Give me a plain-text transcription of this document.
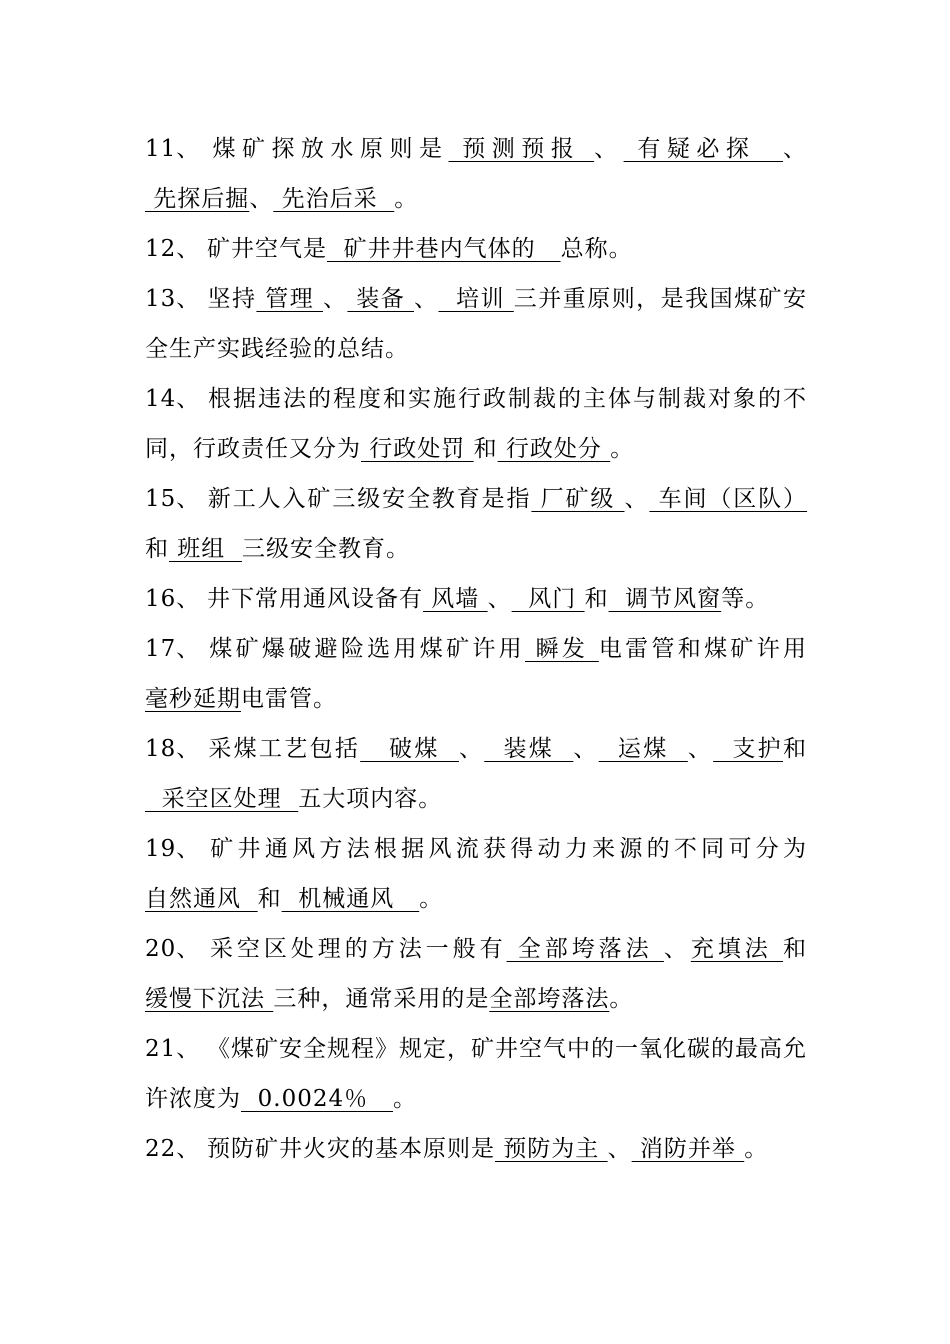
11、 煤矿探放水原则是 预测预报 、 有疑必探  、 先探后掘、 先治后采  。

12、 矿井空气是  矿井井巷内气体的   总称。

13、 坚持 管理 、 装备 、  培训 三并重原则，是我国煤矿安全生产实践经验的总结。

14、 根据违法的程度和实施行政制裁的主体与制裁对象的不同，行政责任又分为 行政处罚 和 行政处分 。

15、 新工人入矿三级安全教育是指 厂矿级 、 车间（区队）和 班组  三级安全教育。

16、 井下常用通风设备有 风墙 、  风门 和  调节风窗等。

17、 煤矿爆破避险选用煤矿许用 瞬发 电雷管和煤矿许用毫秒延期电雷管。

18、 采煤工艺包括   破煤  、  装煤  、  运煤  、  支护和  采空区处理  五大项内容。

19、 矿井通风方法根据风流获得动力来源的不同可分为自然通风  和  机械通风   。

20、 采空区处理的方法一般有 全部垮落法 、充填法 和缓慢下沉法 三种，通常采用的是全部垮落法。

21、 《煤矿安全规程》规定，矿井空气中的一氧化碳的最高允许浓度为  0.0024％   。

22、 预防矿井火灾的基本原则是 预防为主 、 消防并举 。
